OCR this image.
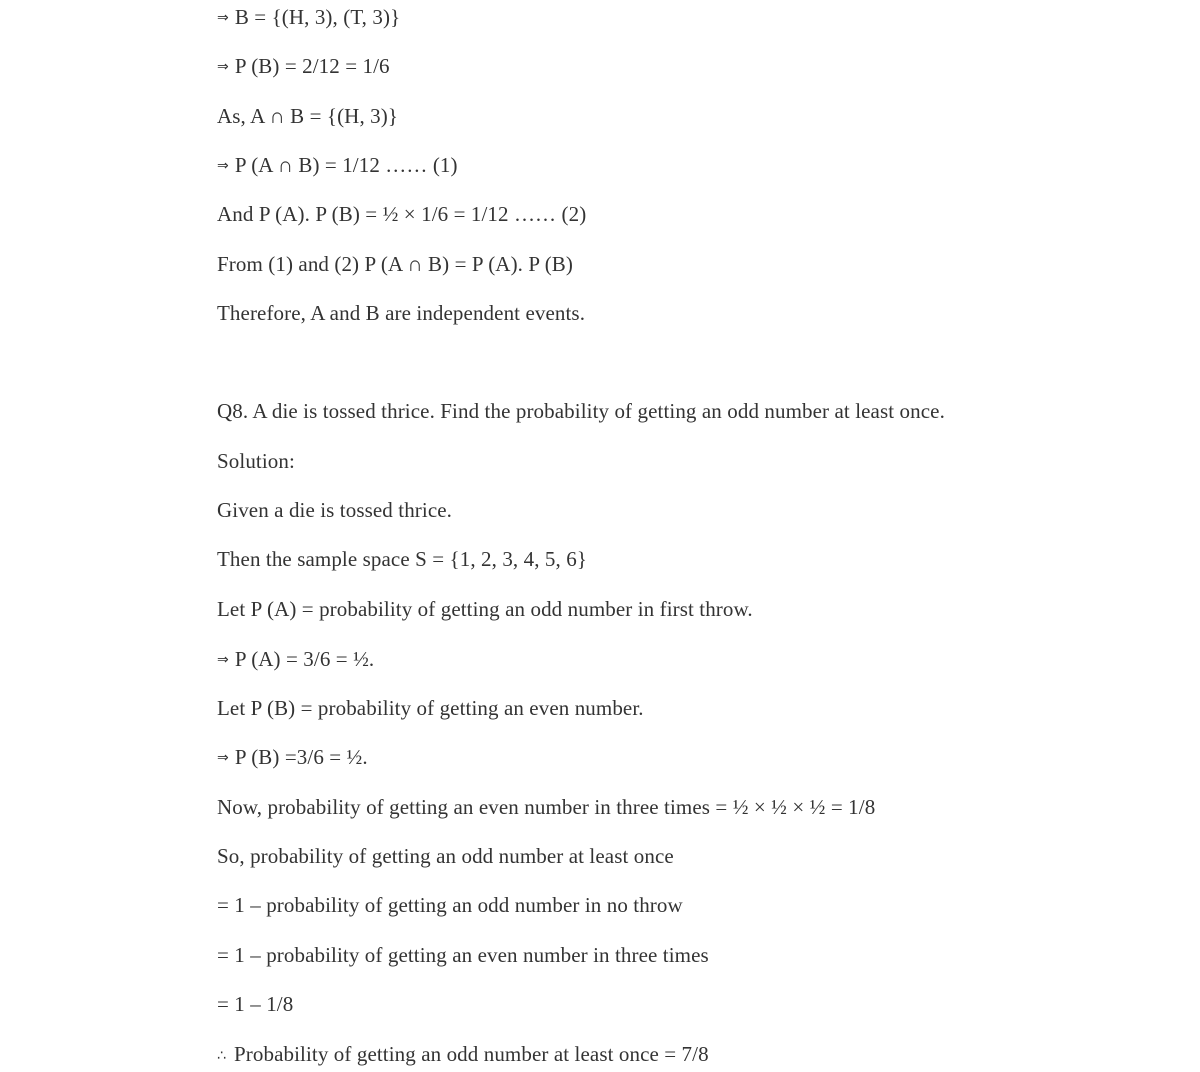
⇒ B = {(H, 3), (T, 3)}
⇒ P (B) = 2/12 = 1/6
As, A ∩ B = {(H, 3)}
⇒ P (A ∩ B) = 1/12 …… (1)
And P (A). P (B) = ½ × 1/6 = 1/12 …… (2)
From (1) and (2) P (A ∩ B) = P (A). P (B)
Therefore, A and B are independent events.
Q8. A die is tossed thrice. Find the probability of getting an odd number at least once.
Solution:
Given a die is tossed thrice.
Then the sample space S = {1, 2, 3, 4, 5, 6}
Let P (A) = probability of getting an odd number in first throw.
⇒ P (A) = 3/6 = ½.
Let P (B) = probability of getting an even number.
⇒ P (B) =3/6 = ½.
Now, probability of getting an even number in three times = ½ × ½ × ½ = 1/8
So, probability of getting an odd number at least once
= 1 – probability of getting an odd number in no throw
= 1 – probability of getting an even number in three times
= 1 – 1/8
∴ Probability of getting an odd number at least once = 7/8
